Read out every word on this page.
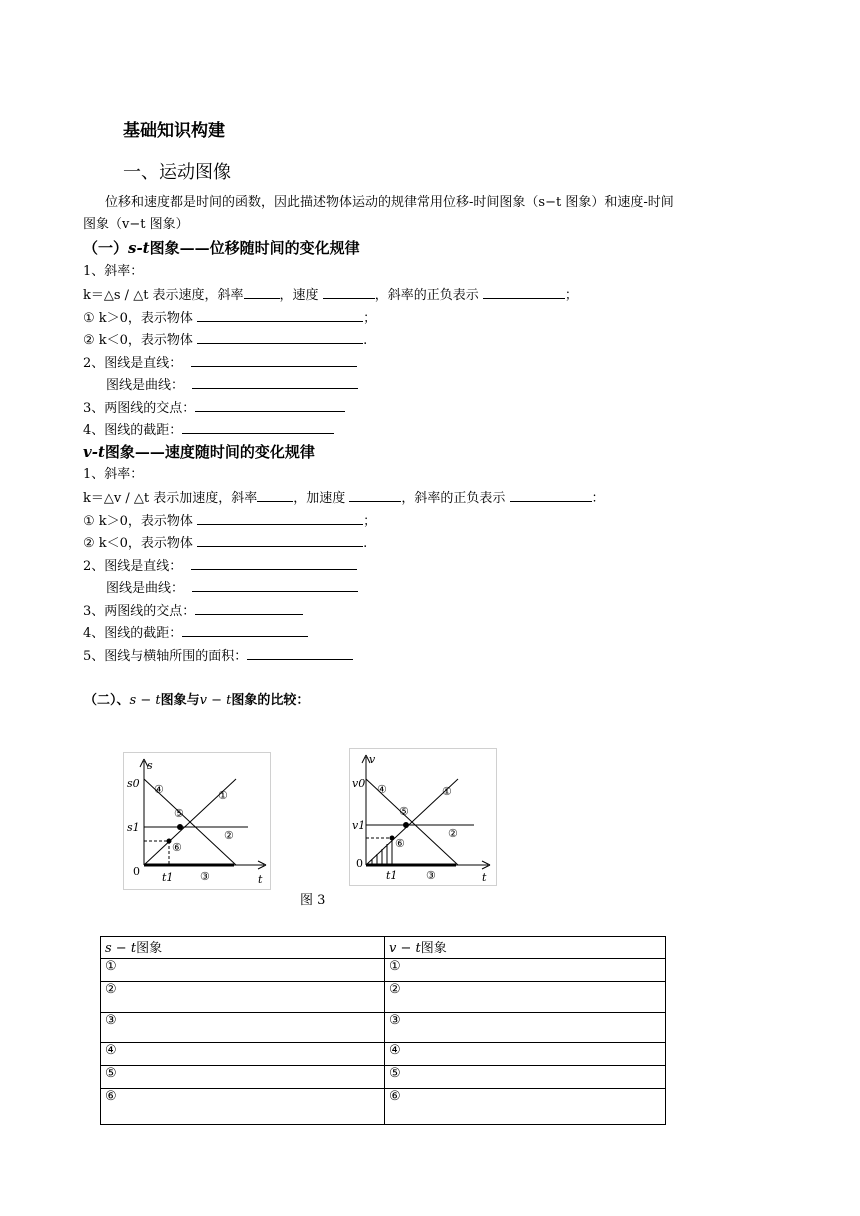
基础知识构建
一、运动图像
位移和速度都是时间的函数，因此描述物体运动的规律常用位移-时间图象（s−t 图象）和速度-时间
图象（v−t 图象）
（一）s-t图象——位移随时间的变化规律
1、斜率：
k＝△s / △t 表示速度，斜率	，速度	，斜率的正负表示	；
① k＞0，表示物体	；
② k＜0，表示物体	.
2、图线是直线：
图线是曲线：
3、两图线的交点：
4、图线的截距：
v-t图象——速度随时间的变化规律
1、斜率：
k＝△v / △t 表示加速度，斜率	，加速度	，斜率的正负表示	：
① k＞0，表示物体	；
② k＜0，表示物体	.
2、图线是直线：
图线是曲线：
3、两图线的交点：
4、图线的截距：
5、图线与横轴所围的面积：
（二）、s − t图象与v − t图象的比较：
s
t
0
s0
s1
t1
①
②
③
④
⑤
⑥
v
t
0
v0
v1
t1
①
②
③
④
⑤
⑥
图 3
s − t图象	v − t图象
①	①
②	②
③	③
④	④
⑤	⑤
⑥	⑥
